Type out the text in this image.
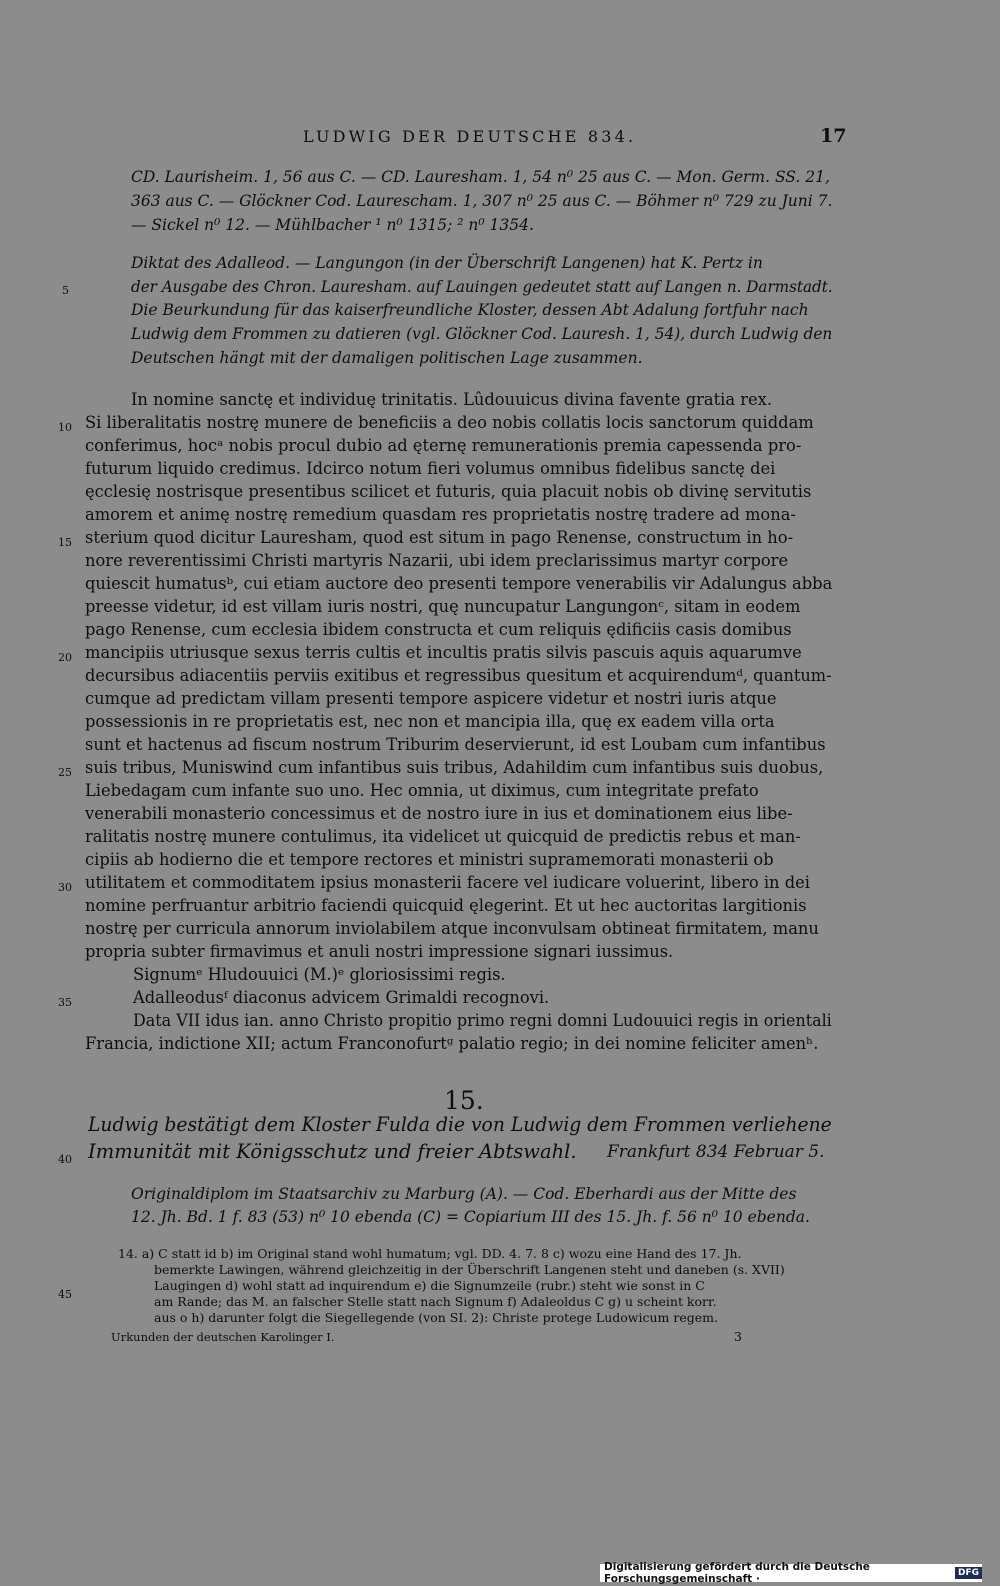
LUDWIG DER DEUTSCHE 834.	17
CD. Laurisheim. 1, 56 aus C. — CD. Lauresham. 1, 54 n⁰ 25 aus C. — Mon. Germ. SS. 21,
363 aus C. — Glöckner Cod. Laurescham. 1, 307 n⁰ 25 aus C. — Böhmer n⁰ 729 zu Juni 7.
— Sickel n⁰ 12. — Mühlbacher ¹ n⁰ 1315; ² n⁰ 1354.
Diktat des Adalleod. — Langungon (in der Überschrift Langenen) hat K. Pertz in
der Ausgabe des Chron. Lauresham. auf Lauingen gedeutet statt auf Langen n. Darmstadt.
Die Beurkundung für das kaiserfreundliche Kloster, dessen Abt Adalung fortfuhr nach
Ludwig dem Frommen zu datieren (vgl. Glöckner Cod. Lauresh. 1, 54), durch Ludwig den
Deutschen hängt mit der damaligen politischen Lage zusammen.
5
10
15
20
25
30
35
40
45
In nomine sanctę et individuę trinitatis. Lûdouuicus divina favente gratia rex.
Si liberalitatis nostrę munere de beneficiis a deo nobis collatis locis sanctorum quiddam
conferimus, hocᵃ nobis procul dubio ad ęternę remunerationis premia capessenda pro-
futurum liquido credimus. Idcirco notum fieri volumus omnibus fidelibus sanctę dei
ęcclesię nostrisque presentibus scilicet et futuris, quia placuit nobis ob divinę servitutis
amorem et animę nostrę remedium quasdam res proprietatis nostrę tradere ad mona-
sterium quod dicitur Lauresham, quod est situm in pago Renense, constructum in ho-
nore reverentissimi Christi martyris Nazarii, ubi idem preclarissimus martyr corpore
quiescit humatusᵇ, cui etiam auctore deo presenti tempore venerabilis vir Adalungus abba
preesse videtur, id est villam iuris nostri, quę nuncupatur Langungonᶜ, sitam in eodem
pago Renense, cum ecclesia ibidem constructa et cum reliquis ędificiis casis domibus
mancipiis utriusque sexus terris cultis et incultis pratis silvis pascuis aquis aquarumve
decursibus adiacentiis perviis exitibus et regressibus quesitum et acquirendumᵈ, quantum-
cumque ad predictam villam presenti tempore aspicere videtur et nostri iuris atque
possessionis in re proprietatis est, nec non et mancipia illa, quę ex eadem villa orta
sunt et hactenus ad fiscum nostrum Triburim deservierunt, id est Loubam cum infantibus
suis tribus, Muniswind cum infantibus suis tribus, Adahildim cum infantibus suis duobus,
Liebedagam cum infante suo uno. Hec omnia, ut diximus, cum integritate prefato
venerabili monasterio concessimus et de nostro iure in ius et dominationem eius libe-
ralitatis nostrę munere contulimus, ita videlicet ut quicquid de predictis rebus et man-
cipiis ab hodierno die et tempore rectores et ministri supramemorati monasterii ob
utilitatem et commoditatem ipsius monasterii facere vel iudicare voluerint, libero in dei
nomine perfruantur arbitrio faciendi quicquid ęlegerint. Et ut hec auctoritas largitionis
nostrę per curricula annorum inviolabilem atque inconvulsam obtineat firmitatem, manu
propria subter firmavimus et anuli nostri impressione signari iussimus.
Signumᵉ Hludouuici (M.)ᵉ gloriosissimi regis.
Adalleodusᶠ diaconus advicem Grimaldi recognovi.
Data VII idus ian. anno Christo propitio primo regni domni Ludouuici regis in orientali
Francia, indictione XII; actum Franconofurtᵍ palatio regio; in dei nomine feliciter amenʰ.
15.
Ludwig bestätigt dem Kloster Fulda die von Ludwig dem Frommen verliehene
Immunität mit Königsschutz und freier Abtswahl. Frankfurt 834 Februar 5.
Originaldiplom im Staatsarchiv zu Marburg (A). — Cod. Eberhardi aus der Mitte des
12. Jh. Bd. 1 f. 83 (53) n⁰ 10 ebenda (C) = Copiarium III des 15. Jh. f. 56 n⁰ 10 ebenda.
14. a) C statt id b) im Original stand wohl humatum; vgl. DD. 4. 7. 8 c) wozu eine Hand des 17. Jh.
bemerkte Lawingen, während gleichzeitig in der Überschrift Langenen steht und daneben (s. XVII)
Laugingen d) wohl statt ad inquirendum e) die Signumzeile (rubr.) steht wie sonst in C
am Rande; das M. an falscher Stelle statt nach Signum f) Adaleoldus C g) u scheint korr.
aus o h) darunter folgt die Siegellegende (von SI. 2): Christe protege Ludowicum regem.
Urkunden der deutschen Karolinger I.	3
Digitalisierung gefördert durch die Deutsche Forschungsgemeinschaft ·	DFG
